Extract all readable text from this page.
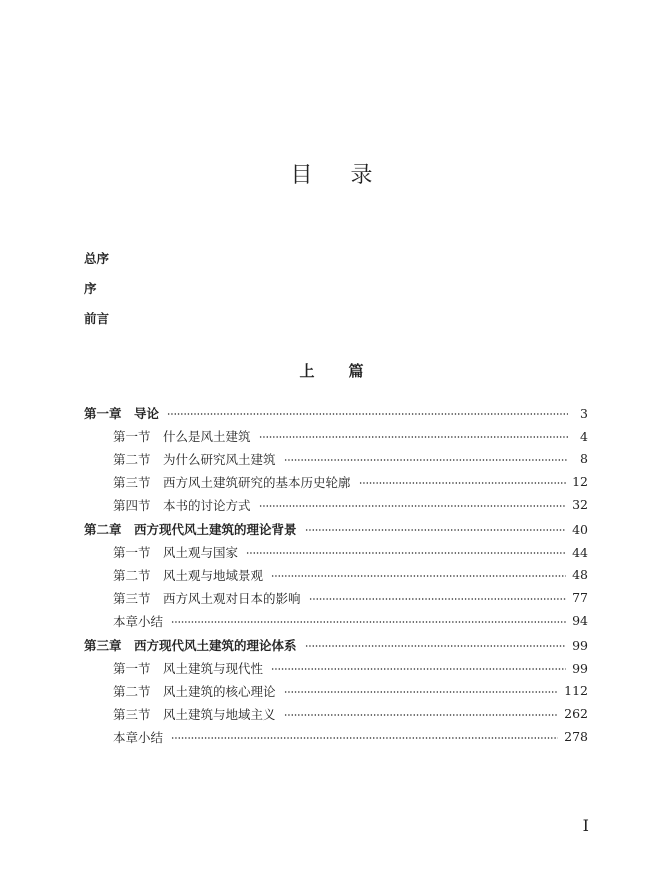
目录
总序
序
前言
上篇
第一章　导论	3
第一节　什么是风土建筑	4
第二节　为什么研究风土建筑	8
第三节　西方风土建筑研究的基本历史轮廓	12
第四节　本书的讨论方式	32
第二章　西方现代风土建筑的理论背景	40
第一节　风土观与国家	44
第二节　风土观与地域景观	48
第三节　西方风土观对日本的影响	77
本章小结	94
第三章　西方现代风土建筑的理论体系	99
第一节　风土建筑与现代性	99
第二节　风土建筑的核心理论	112
第三节　风土建筑与地域主义	262
本章小结	278
I
